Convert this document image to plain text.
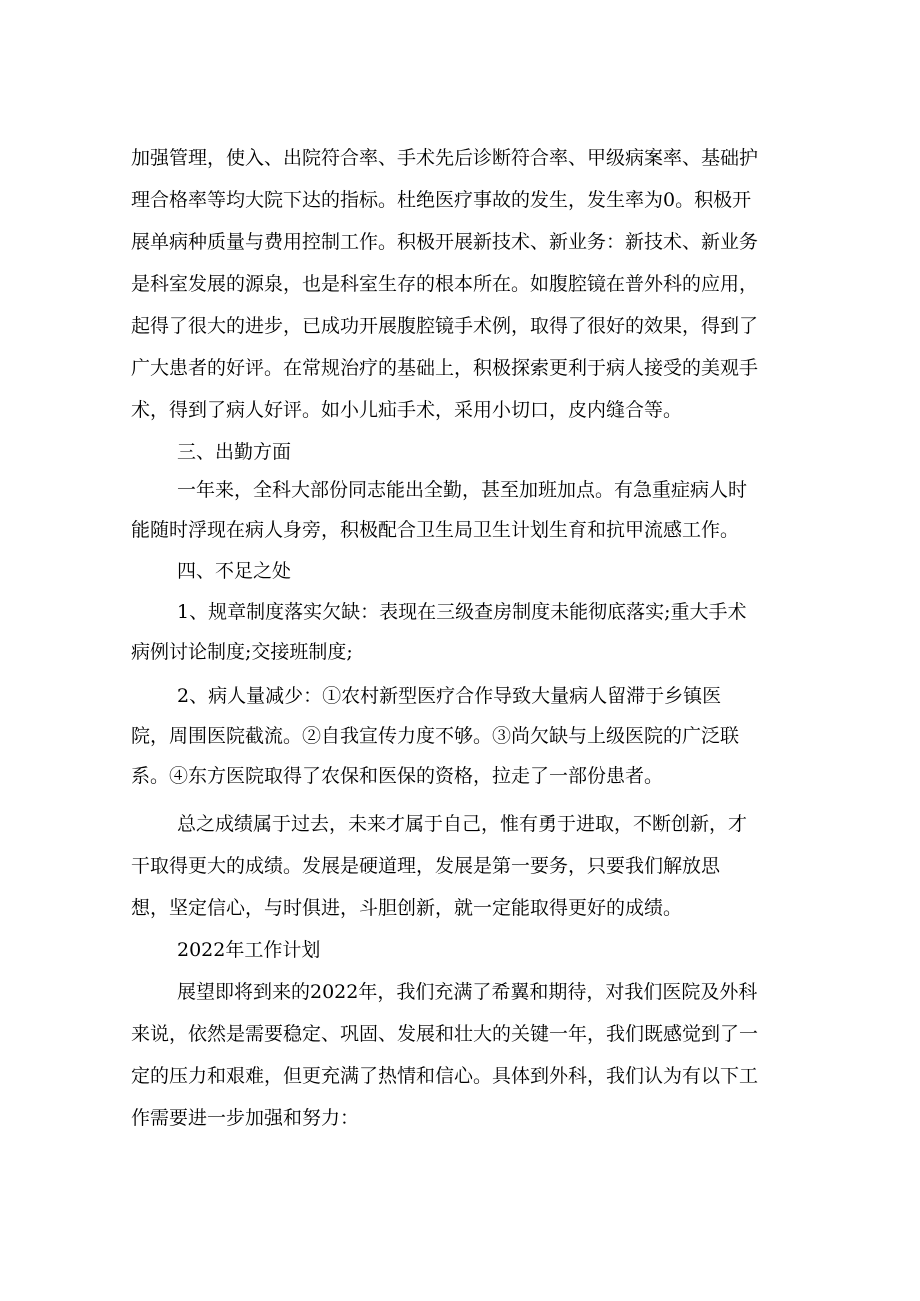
加强管理，使入、出院符合率、手术先后诊断符合率、甲级病案率、基础护
理合格率等均大院下达的指标。杜绝医疗事故的发生，发生率为0。积极开
展单病种质量与费用控制工作。积极开展新技术、新业务：新技术、新业务
是科室发展的源泉，也是科室生存的根本所在。如腹腔镜在普外科的应用，
起得了很大的进步，已成功开展腹腔镜手术例，取得了很好的效果，得到了
广大患者的好评。在常规治疗的基础上，积极探索更利于病人接受的美观手
术，得到了病人好评。如小儿疝手术，采用小切口，皮内缝合等。
三、出勤方面
一年来，全科大部份同志能出全勤，甚至加班加点。有急重症病人时
能随时浮现在病人身旁，积极配合卫生局卫生计划生育和抗甲流感工作。
四、不足之处
1、规章制度落实欠缺：表现在三级查房制度未能彻底落实;重大手术
病例讨论制度;交接班制度;
2、病人量减少：①农村新型医疗合作导致大量病人留滞于乡镇医
院，周围医院截流。②自我宣传力度不够。③尚欠缺与上级医院的广泛联
系。④东方医院取得了农保和医保的资格，拉走了一部份患者。
总之成绩属于过去，未来才属于自己，惟有勇于进取，不断创新，才
干取得更大的成绩。发展是硬道理，发展是第一要务，只要我们解放思
想，坚定信心，与时俱进，斗胆创新，就一定能取得更好的成绩。
2022年工作计划
展望即将到来的2022年，我们充满了希翼和期待，对我们医院及外科
来说，依然是需要稳定、巩固、发展和壮大的关键一年，我们既感觉到了一
定的压力和艰难，但更充满了热情和信心。具体到外科，我们认为有以下工
作需要进一步加强和努力：
